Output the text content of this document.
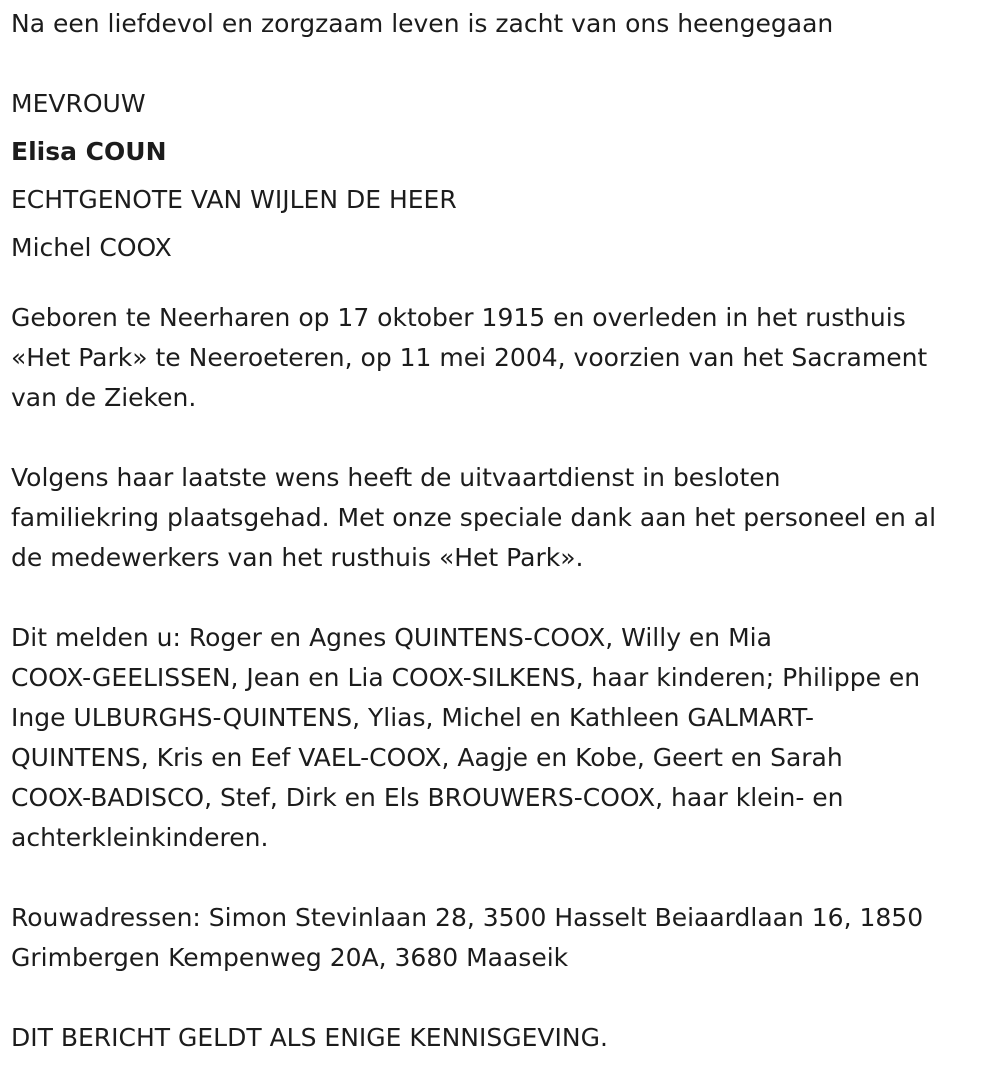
Na een liefdevol en zorgzaam leven is zacht van ons heengegaan
MEVROUW
Elisa COUN
ECHTGENOTE VAN WIJLEN DE HEER
Michel COOX
Geboren te Neerharen op 17 oktober 1915 en overleden in het rusthuis
«Het Park» te Neeroeteren, op 11 mei 2004, voorzien van het Sacrament
van de Zieken.
Volgens haar laatste wens heeft de uitvaartdienst in besloten
familiekring plaatsgehad. Met onze speciale dank aan het personeel en al
de medewerkers van het rusthuis «Het Park».
Dit melden u: Roger en Agnes QUINTENS-COOX, Willy en Mia
COOX-GEELISSEN, Jean en Lia COOX-SILKENS, haar kinderen; Philippe en
Inge ULBURGHS-QUINTENS, Ylias, Michel en Kathleen GALMART-
QUINTENS, Kris en Eef VAEL-COOX, Aagje en Kobe, Geert en Sarah
COOX-BADISCO, Stef, Dirk en Els BROUWERS-COOX, haar klein- en
achterkleinkinderen.
Rouwadressen: Simon Stevinlaan 28, 3500 Hasselt Beiaardlaan 16, 1850
Grimbergen Kempenweg 20A, 3680 Maaseik
DIT BERICHT GELDT ALS ENIGE KENNISGEVING.
